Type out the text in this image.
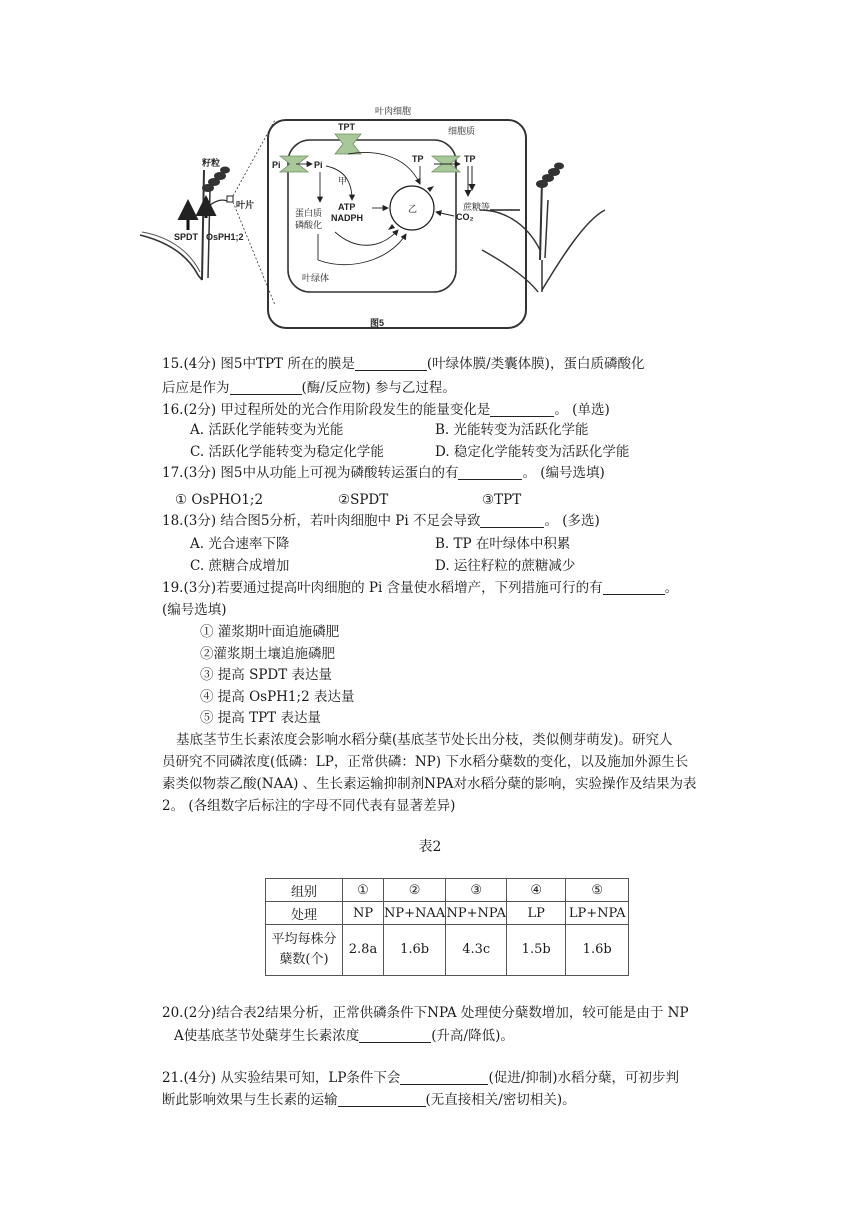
籽粒
叶片
SPDT OsPH1;2
叶肉细胞
细胞质
叶绿体
TPT
Pi	Pi
甲
ATP
NADPH
蛋白质
磷酸化
乙
TP	TP
蔗糖等
CO₂
图5
15.(4分) 图5中TPT 所在的膜是	(叶绿体膜/类囊体膜)，蛋白质磷酸化
后应是作为	(酶/反应物) 参与乙过程。
16.(2分) 甲过程所处的光合作用阶段发生的能量变化是	。 (单选)
A. 活跃化学能转变为光能	B. 光能转变为活跃化学能
C. 活跃化学能转变为稳定化学能	D. 稳定化学能转变为活跃化学能
17.(3分) 图5中从功能上可视为磷酸转运蛋白的有	。 (编号选填)
① OsPHO1;2	②SPDT	③TPT
18.(3分) 结合图5分析，若叶肉细胞中 Pi 不足会导致	。 (多选)
A. 光合速率下降	B. TP 在叶绿体中积累
C. 蔗糖合成增加	D. 运往籽粒的蔗糖减少
19.(3分)若要通过提高叶肉细胞的 Pi 含量使水稻增产，下列措施可行的有	。
(编号选填)
① 灌浆期叶面追施磷肥
②灌浆期土壤追施磷肥
③ 提高 SPDT 表达量
④ 提高 OsPH1;2 表达量
⑤ 提高 TPT 表达量
基底茎节生长素浓度会影响水稻分蘖(基底茎节处长出分枝，类似侧芽萌发)。研究人
员研究不同磷浓度(低磷：LP，正常供磷：NP) 下水稻分蘖数的变化，以及施加外源生长
素类似物萘乙酸(NAA) 、生长素运输抑制剂NPA对水稻分蘖的影响，实验操作及结果为表
2。 (各组数字后标注的字母不同代表有显著差异)
表2
组别	①	②	③	④	⑤
处理	NP	NP+NAA	NP+NPA	LP	LP+NPA
平均每株分
蘖数(个)	2.8a	1.6b	4.3c	1.5b	1.6b
20.(2分)结合表2结果分析，正常供磷条件下NPA 处理使分蘖数增加，较可能是由于 NP
A使基底茎节处蘖芽生长素浓度	(升高/降低)。
21.(4分) 从实验结果可知，LP条件下会	(促进/抑制)水稻分蘖，可初步判
断此影响效果与生长素的运输	(无直接相关/密切相关)。
